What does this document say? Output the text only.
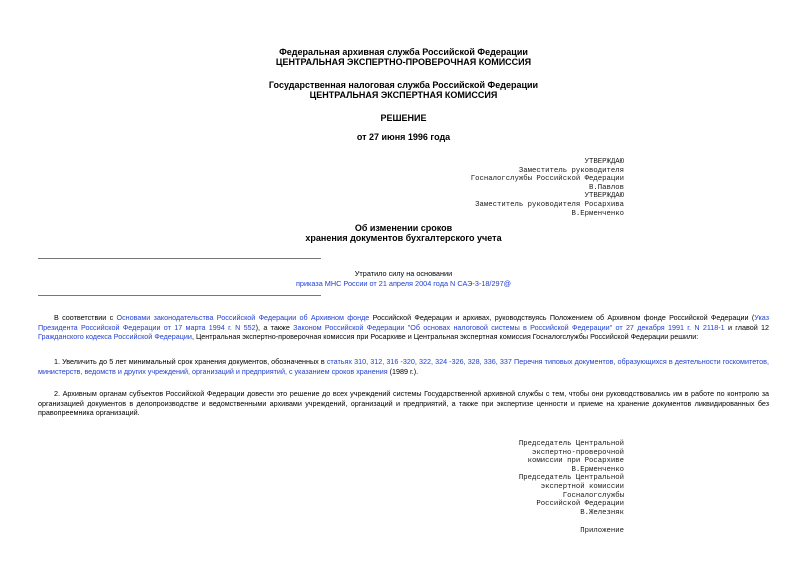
Федеральная архивная служба Российской Федерации
ЦЕНТРАЛЬНАЯ ЭКСПЕРТНО-ПРОВЕРОЧНАЯ КОМИССИЯ
Государственная налоговая служба Российской Федерации
ЦЕНТРАЛЬНАЯ ЭКСПЕРТНАЯ КОМИССИЯ
РЕШЕНИЕ
от 27 июня 1996 года
УТВЕРЖДАЮ
Заместитель руководителя
Госналогслужбы Российской Федерации
В.Павлов
УТВЕРЖДАЮ
Заместитель руководителя Росархива
В.Ерменченко
Об изменении сроков
хранения документов бухгалтерского учета
Утратило силу на основании
приказа МНС России от 21 апреля 2004 года N САЭ-3-18/297@

В соответствии с Основами законодательства Российской Федерации об Архивном фонде Российской Федерации и архивах, руководствуясь Положением об Архивном фонде Российской Федерации (Указ Президента Российской Федерации от 17 марта 1994 г. N 552), а также Законом Российской Федерации "Об основах налоговой системы в Российской Федерации" от 27 декабря 1991 г. N 2118-1 и главой 12 Гражданского кодекса Российской Федерации, Центральная экспертно-проверочная комиссия при Росархиве и Центральная экспертная комиссия Госналогслужбы Российской Федерации решили:

1. Увеличить до 5 лет минимальный срок хранения документов, обозначенных в статьях 310, 312, 316 -320, 322, 324 -326, 328, 336, 337 Перечня типовых документов, образующихся в деятельности госкомитетов, министерств, ведомств и других учреждений, организаций и предприятий, с указанием сроков хранения (1989 г.).

2. Архивным органам субъектов Российской Федерации довести это решение до всех учреждений системы Государственной архивной службы с тем, чтобы они руководствовались им в работе по контролю за организацией документов в делопроизводстве и ведомственными архивами учреждений, организаций и предприятий, а также при экспертизе ценности и приеме на хранение документов ликвидированных без правопреемника организаций.

Председатель Центральной
экспертно-проверочной
комиссии при Росархиве
В.Ерменченко
Председатель Центральной
экспертной комиссии
Госналогслужбы
Российской Федерации
В.Железняк
Приложение
